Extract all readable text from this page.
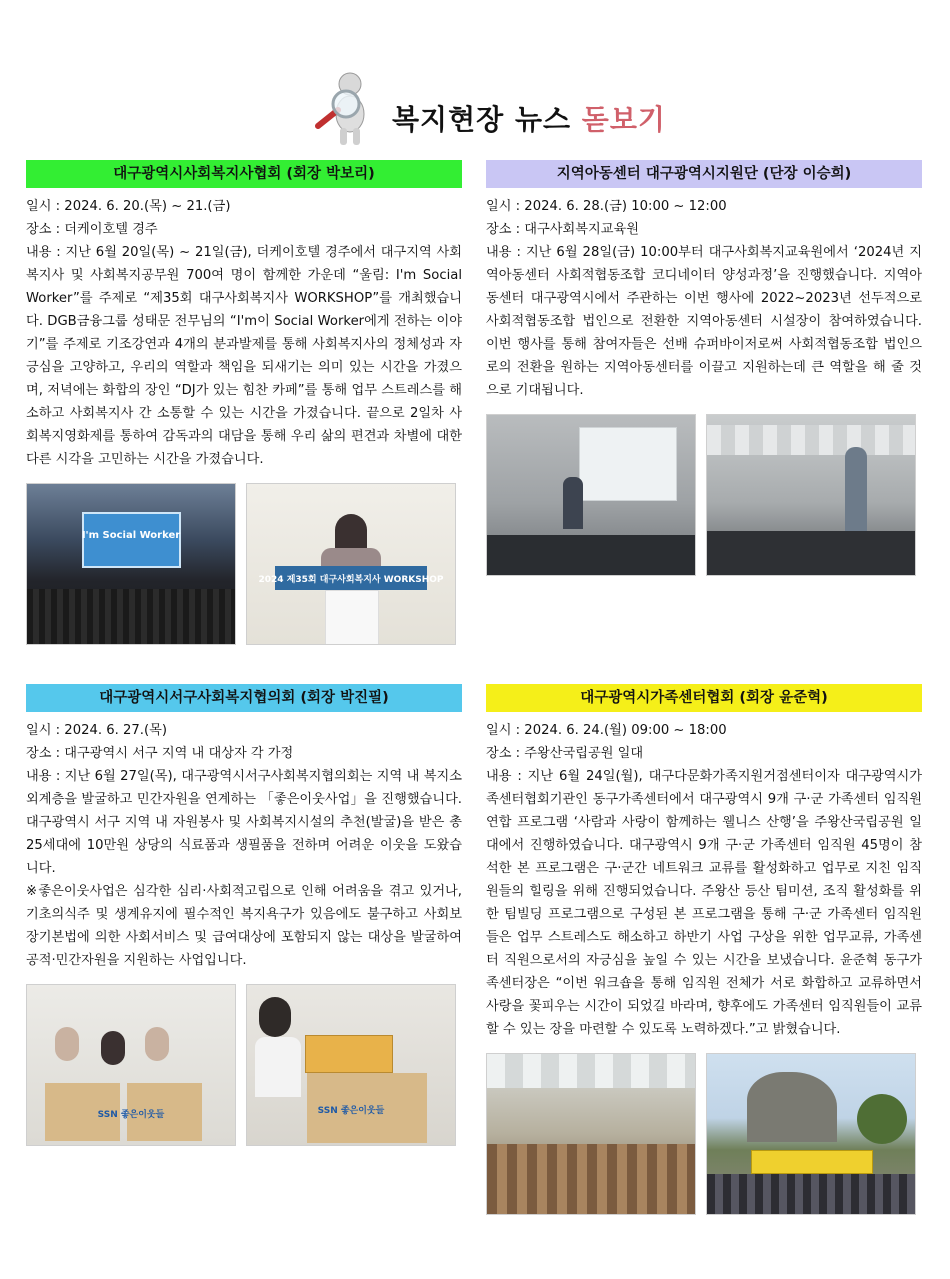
복지현장 뉴스 돋보기
대구광역시사회복지사협회 (회장 박보리)

일시 : 2024. 6. 20.(목) ~ 21.(금)

장소 : 더케이호텔 경주

내용 : 지난 6월 20일(목) ~ 21일(금), 더케이호텔 경주에서 대구지역 사회복지사 및 사회복지공무원 700여 명이 함께한 가운데 “울림: I'm Social Worker”를 주제로 “제35회 대구사회복지사 WORKSHOP”를 개최했습니다. DGB금융그룹 성태문 전무님의 “I'm이 Social Worker에게 전하는 이야기”를 주제로 기조강연과 4개의 분과발제를 통해 사회복지사의 정체성과 자긍심을 고양하고, 우리의 역할과 책임을 되새기는 의미 있는 시간을 가졌으며, 저녁에는 화합의 장인 “DJ가 있는 힘찬 카페”를 통해 업무 스트레스를 해소하고 사회복지사 간 소통할 수 있는 시간을 가졌습니다. 끝으로 2일차 사회복지영화제를 통하여 감독과의 대담을 통해 우리 삶의 편견과 차별에 대한 다른 시각을 고민하는 시간을 가졌습니다.

I'm Social Worker
2024 제35회 대구사회복지사 WORKSHOP
지역아동센터 대구광역시지원단 (단장 이승희)

일시 : 2024. 6. 28.(금) 10:00 ~ 12:00

장소 : 대구사회복지교육원

내용 : 지난 6월 28일(금) 10:00부터 대구사회복지교육원에서 ‘2024년 지역아동센터 사회적협동조합 코디네이터 양성과정’을 진행했습니다. 지역아동센터 대구광역시에서 주관하는 이번 행사에 2022~2023년 선두적으로 사회적협동조합 법인으로 전환한 지역아동센터 시설장이 참여하였습니다. 이번 행사를 통해 참여자들은 선배 슈퍼바이저로써 사회적협동조합 법인으로의 전환을 원하는 지역아동센터를 이끌고 지원하는데 큰 역할을 해 줄 것으로 기대됩니다.

대구광역시서구사회복지협의회 (회장 박진필)

일시 : 2024. 6. 27.(목)

장소 : 대구광역시 서구 지역 내 대상자 각 가정

내용 : 지난 6월 27일(목), 대구광역시서구사회복지협의회는 지역 내 복지소외계층을 발굴하고 민간자원을 연계하는 「좋은이웃사업」을 진행했습니다. 대구광역시 서구 지역 내 자원봉사 및 사회복지시설의 추천(발굴)을 받은 총 25세대에 10만원 상당의 식료품과 생필품을 전하며 어려운 이웃을 도왔습니다.

※좋은이웃사업은 심각한 심리·사회적고립으로 인해 어려움을 겪고 있거나, 기초의식주 및 생계유지에 필수적인 복지욕구가 있음에도 불구하고 사회보장기본법에 의한 사회서비스 및 급여대상에 포함되지 않는 대상을 발굴하여 공적·민간자원을 지원하는 사업입니다.

SSN 좋은이웃들	SSN 좋은이웃들
대구광역시가족센터협회 (회장 윤준혁)

일시 : 2024. 6. 24.(월) 09:00 ~ 18:00

장소 : 주왕산국립공원 일대

내용 : 지난 6월 24일(월), 대구다문화가족지원거점센터이자 대구광역시가족센터협회기관인 동구가족센터에서 대구광역시 9개 구·군 가족센터 임직원 연합 프로그램 ‘사람과 사랑이 함께하는 웰니스 산행’을 주왕산국립공원 일대에서 진행하였습니다. 대구광역시 9개 구·군 가족센터 임직원 45명이 참석한 본 프로그램은 구·군간 네트워크 교류를 활성화하고 업무로 지친 임직원들의 힐링을 위해 진행되었습니다. 주왕산 등산 팀미션, 조직 활성화를 위한 팀빌딩 프로그램으로 구성된 본 프로그램을 통해 구·군 가족센터 임직원들은 업무 스트레스도 해소하고 하반기 사업 구상을 위한 업무교류, 가족센터 직원으로서의 자긍심을 높일 수 있는 시간을 보냈습니다. 윤준혁 동구가족센터장은 “이번 워크숍을 통해 임직원 전체가 서로 화합하고 교류하면서 사랑을 꽃피우는 시간이 되었길 바라며, 향후에도 가족센터 임직원들이 교류할 수 있는 장을 마련할 수 있도록 노력하겠다.”고 밝혔습니다.
